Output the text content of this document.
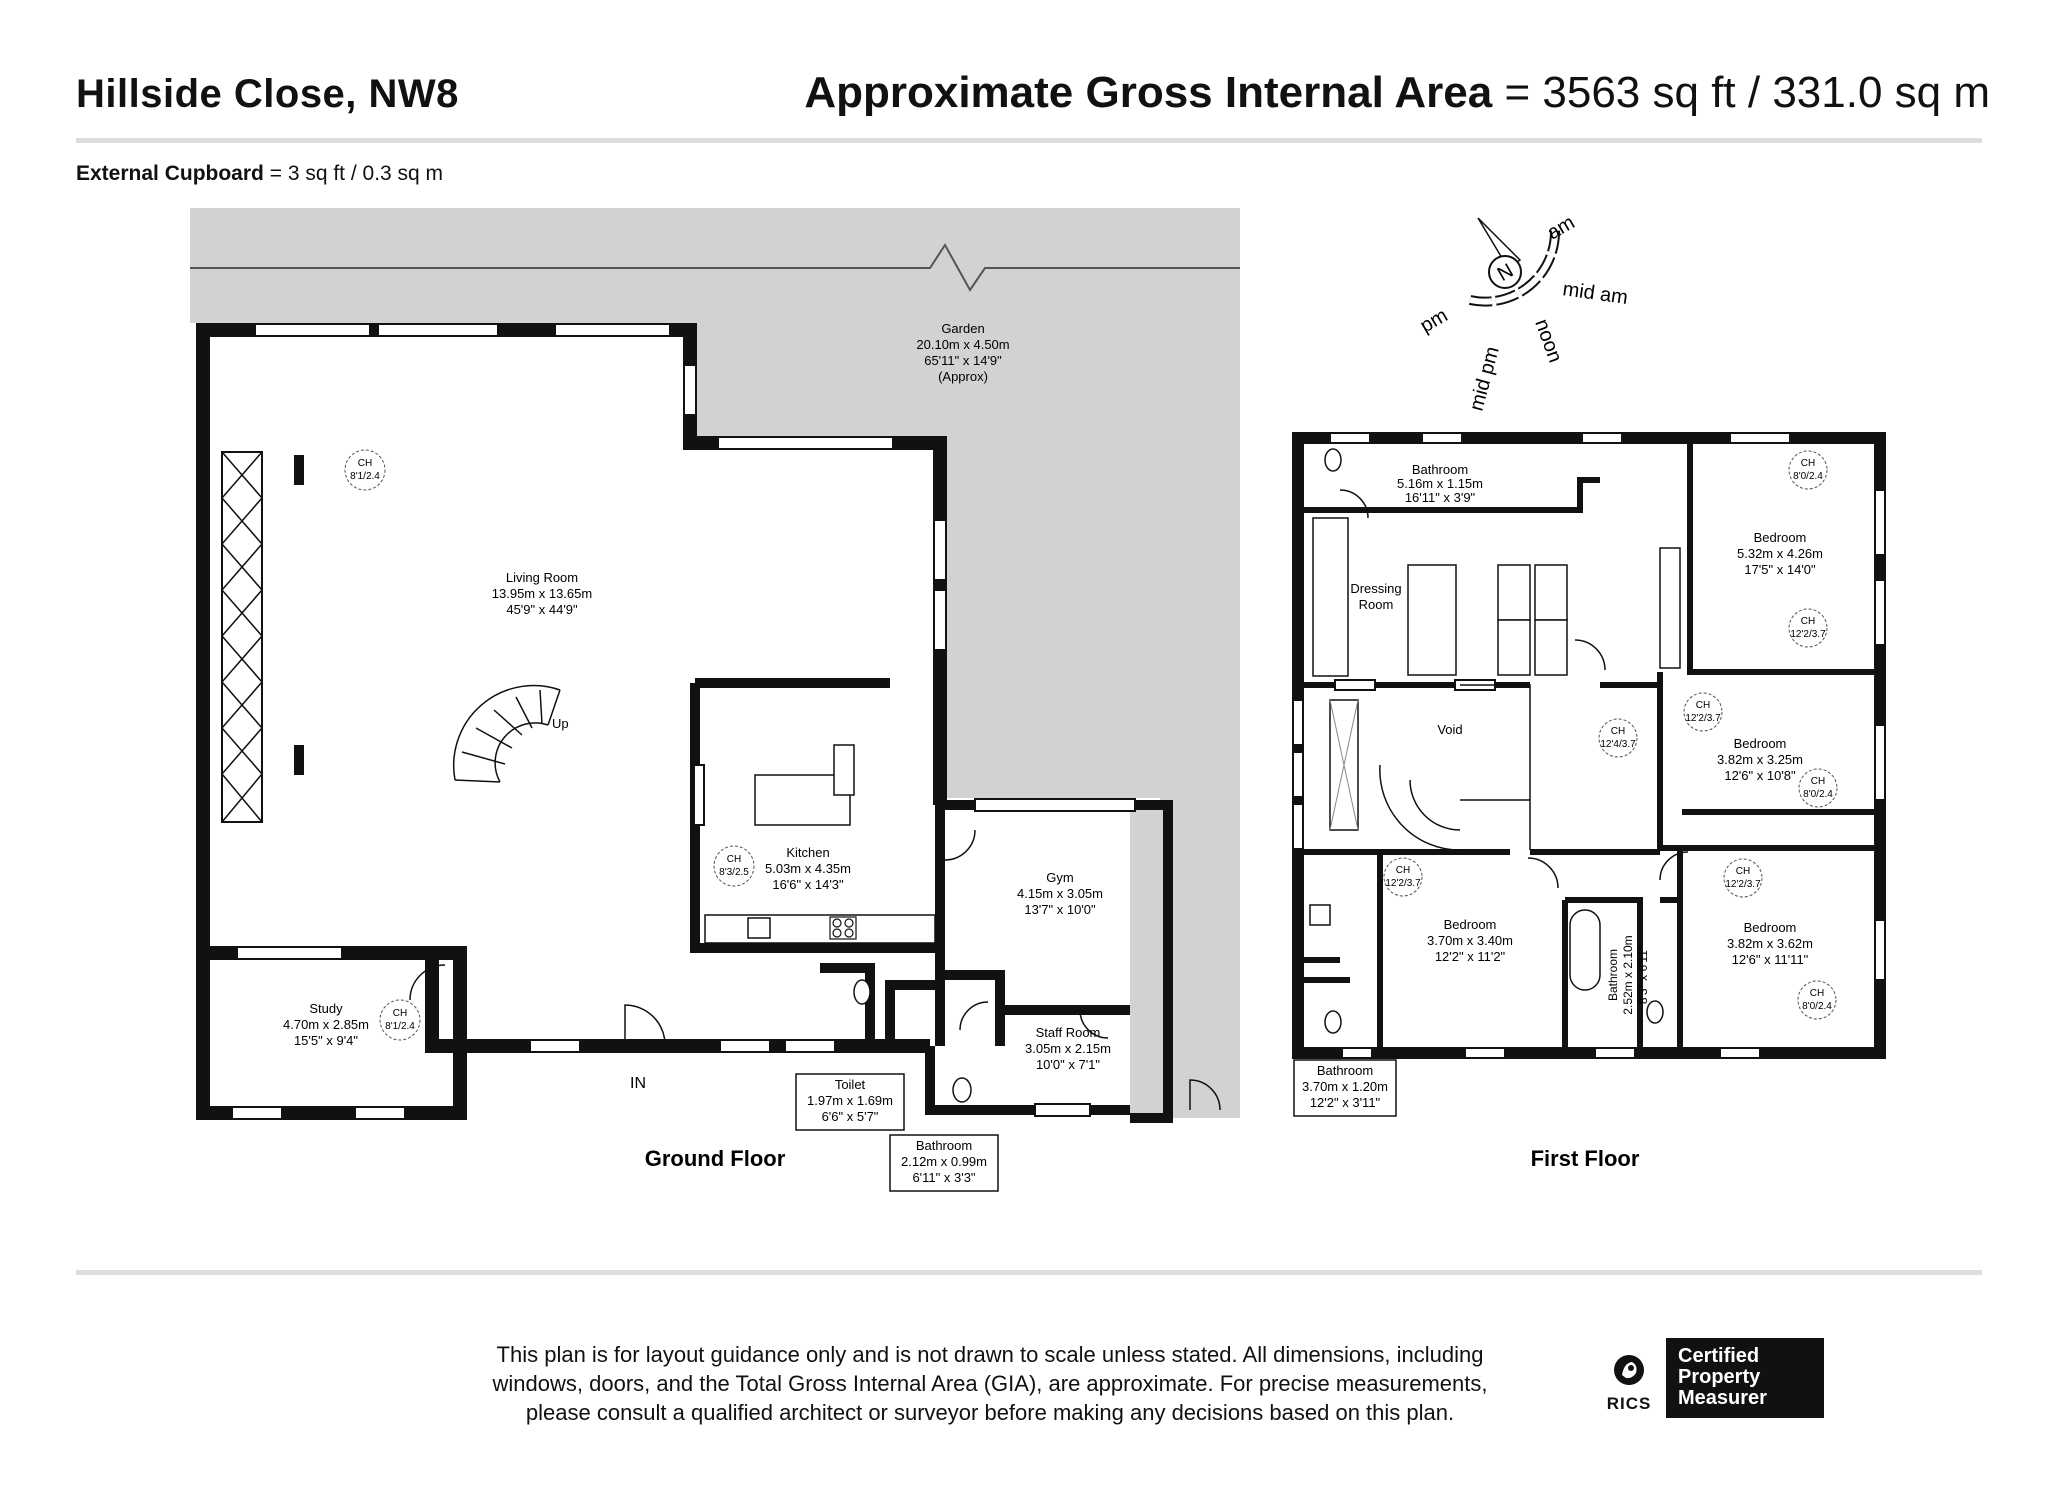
Hillside Close, NW8	Approximate Gross Internal Area = 3563 sq ft / 331.0 sq m
External Cupboard = 3 sq ft / 0.3 sq m
Up
Garden
20.10m x 4.50m
65'11" x 14'9"
(Approx)
Living Room
13.95m x 13.65m
45'9" x 44'9"
Kitchen
5.03m x 4.35m
16'6" x 14'3"	Gym
4.15m x 3.05m
13'7" x 10'0"
Study
4.70m x 2.85m
15'5" x 9'4"
Staff Room
3.05m x 2.15m
10'0" x 7'1"
IN
CH
8'1/2.4
CH
8'3/2.5
CH
8'1/2.4
Toilet
1.97m x 1.69m
6'6" x 5'7"
Bathroom
2.12m x 0.99m
6'11" x 3'3"
Ground Floor
N
am
mid am
noon
mid pm
pm
Bathroom
5.16m x 1.15m
16'11" x 3'9"
Dressing
Room
Void
Bedroom
5.32m x 4.26m
17'5" x 14'0"
Bedroom
3.82m x 3.25m
12'6" x 10'8"
Bedroom
3.70m x 3.40m
12'2" x 11'2"
Bedroom
3.82m x 3.62m
12'6" x 11'11"
Bathroom 2.52m x 2.10m 8'3" x 6'11"
Bathroom
3.70m x 1.20m
12'2" x 3'11"
CH
8'0/2.4
CH
12'2/3.7
CH
12'4/3.7
CH
12'2/3.7
CH
8'0/2.4
CH
12'2/3.7
CH
12'2/3.7
CH
8'0/2.4
First Floor
This plan is for layout guidance only and is not drawn to scale unless stated. All dimensions, including windows, doors, and the Total Gross Internal Area (GIA), are approximate. For precise measurements, please consult a qualified architect or surveyor before making any decisions based on this plan.	RICS
Certified
Property
Measurer
